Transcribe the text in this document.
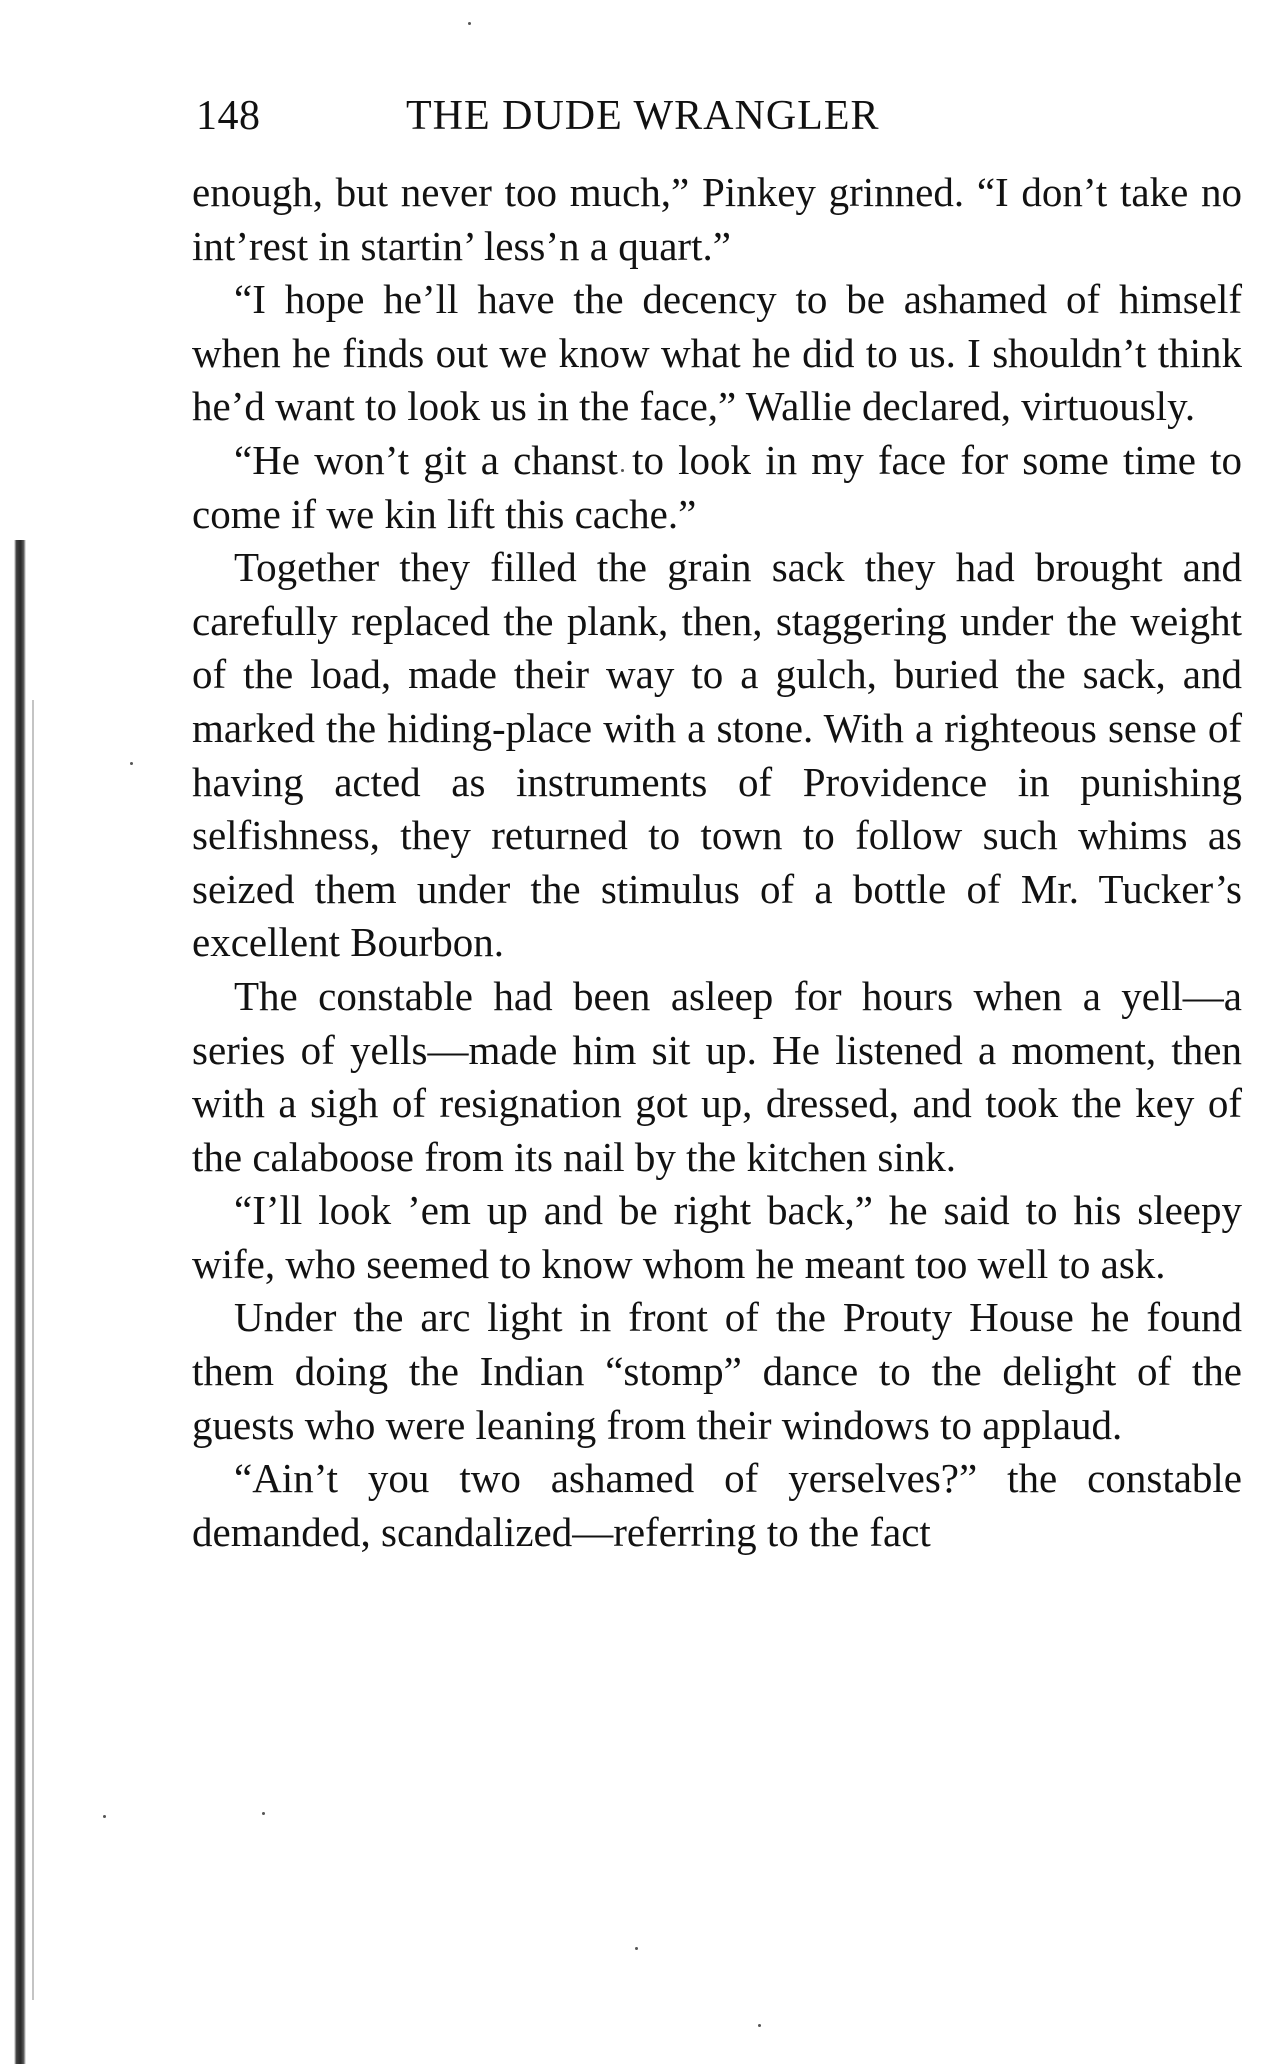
148	THE DUDE WRANGLER

enough, but never too much,” Pinkey grinned. “I don’t take no int’rest in startin’ less’n a quart.”

“I hope he’ll have the decency to be ashamed of himself when he finds out we know what he did to us. I shouldn’t think he’d want to look us in the face,” Wallie declared, virtuously.

“He won’t git a chanst to look in my face for some time to come if we kin lift this cache.”

Together they filled the grain sack they had brought and carefully replaced the plank, then, staggering under the weight of the load, made their way to a gulch, buried the sack, and marked the hiding-place with a stone. With a righteous sense of having acted as instruments of Providence in punishing selfishness, they returned to town to follow such whims as seized them under the stimulus of a bottle of Mr. Tucker’s excellent Bourbon.

The constable had been asleep for hours when a yell—a series of yells—made him sit up. He listened a moment, then with a sigh of resignation got up, dressed, and took the key of the calaboose from its nail by the kitchen sink.

“I’ll look ’em up and be right back,” he said to his sleepy wife, who seemed to know whom he meant too well to ask.

Under the arc light in front of the Prouty House he found them doing the Indian “stomp” dance to the delight of the guests who were leaning from their windows to applaud.

“Ain’t you two ashamed of yerselves?” the constable demanded, scandalized—referring to the fact
